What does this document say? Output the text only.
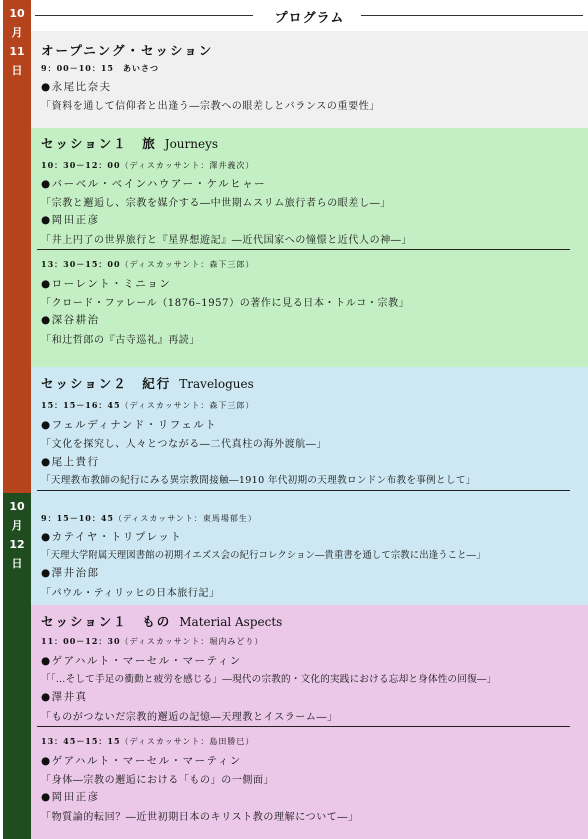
10
月
11
日
10
月
12
日
プログラム
オープニング・セッション
9：00－10：15　あいさつ
●永尾比奈夫
「資料を通して信仰者と出逢う―宗教への眼差しとバランスの重要性」
セッション１　旅 Journeys
10：30－12：00（ディスカッサント：澤井義次）
●バーベル・ベインハウアー・ケルヒャー
「宗教と邂逅し、宗教を媒介する―中世期ムスリム旅行者らの眼差し―」
●岡田正彦
「井上円了の世界旅行と『星界想遊記』―近代国家への憧憬と近代人の神―」
13：30－15：00（ディスカッサント：森下三郎）
●ローレント・ミニョン
「クロード・ファレール（1876–1957）の著作に見る日本・トルコ・宗教」
●深谷耕治
「和辻哲郎の『古寺巡礼』再読」
セッション２　紀行 Travelogues
15：15－16：45（ディスカッサント：森下三郎）
●フェルディナンド・リフェルト
「文化を探究し、人々とつながる―二代真柱の海外渡航―」
●尾上貴行
「天理教布教師の紀行にみる異宗教間接触―1910 年代初期の天理教ロンドン布教を事例として」
9：15－10：45（ディスカッサント：東馬場郁生）
●カテイヤ・トリプレット
「天理大学附属天理図書館の初期イエズス会の紀行コレクション―貴重書を通して宗教に出逢うこと―」
●澤井治郎
「パウル・ティリッヒの日本旅行記」
セッション１　もの Material Aspects
11：00－12：30（ディスカッサント：堀内みどり）
●ゲアハルト・マーセル・マーティン
「「…そして手足の衝動と疲労を感じる」―現代の宗教的・文化的実践における忘却と身体性の回復―」
●澤井真
「ものがつないだ宗教的邂逅の記憶―天理教とイスラーム―」
13：45－15：15（ディスカッサント：島田勝巳）
●ゲアハルト・マーセル・マーティン
「身体―宗教の邂逅における「もの」の一側面」
●岡田正彦
「物質論的転回？―近世初期日本のキリスト教の理解について―」
